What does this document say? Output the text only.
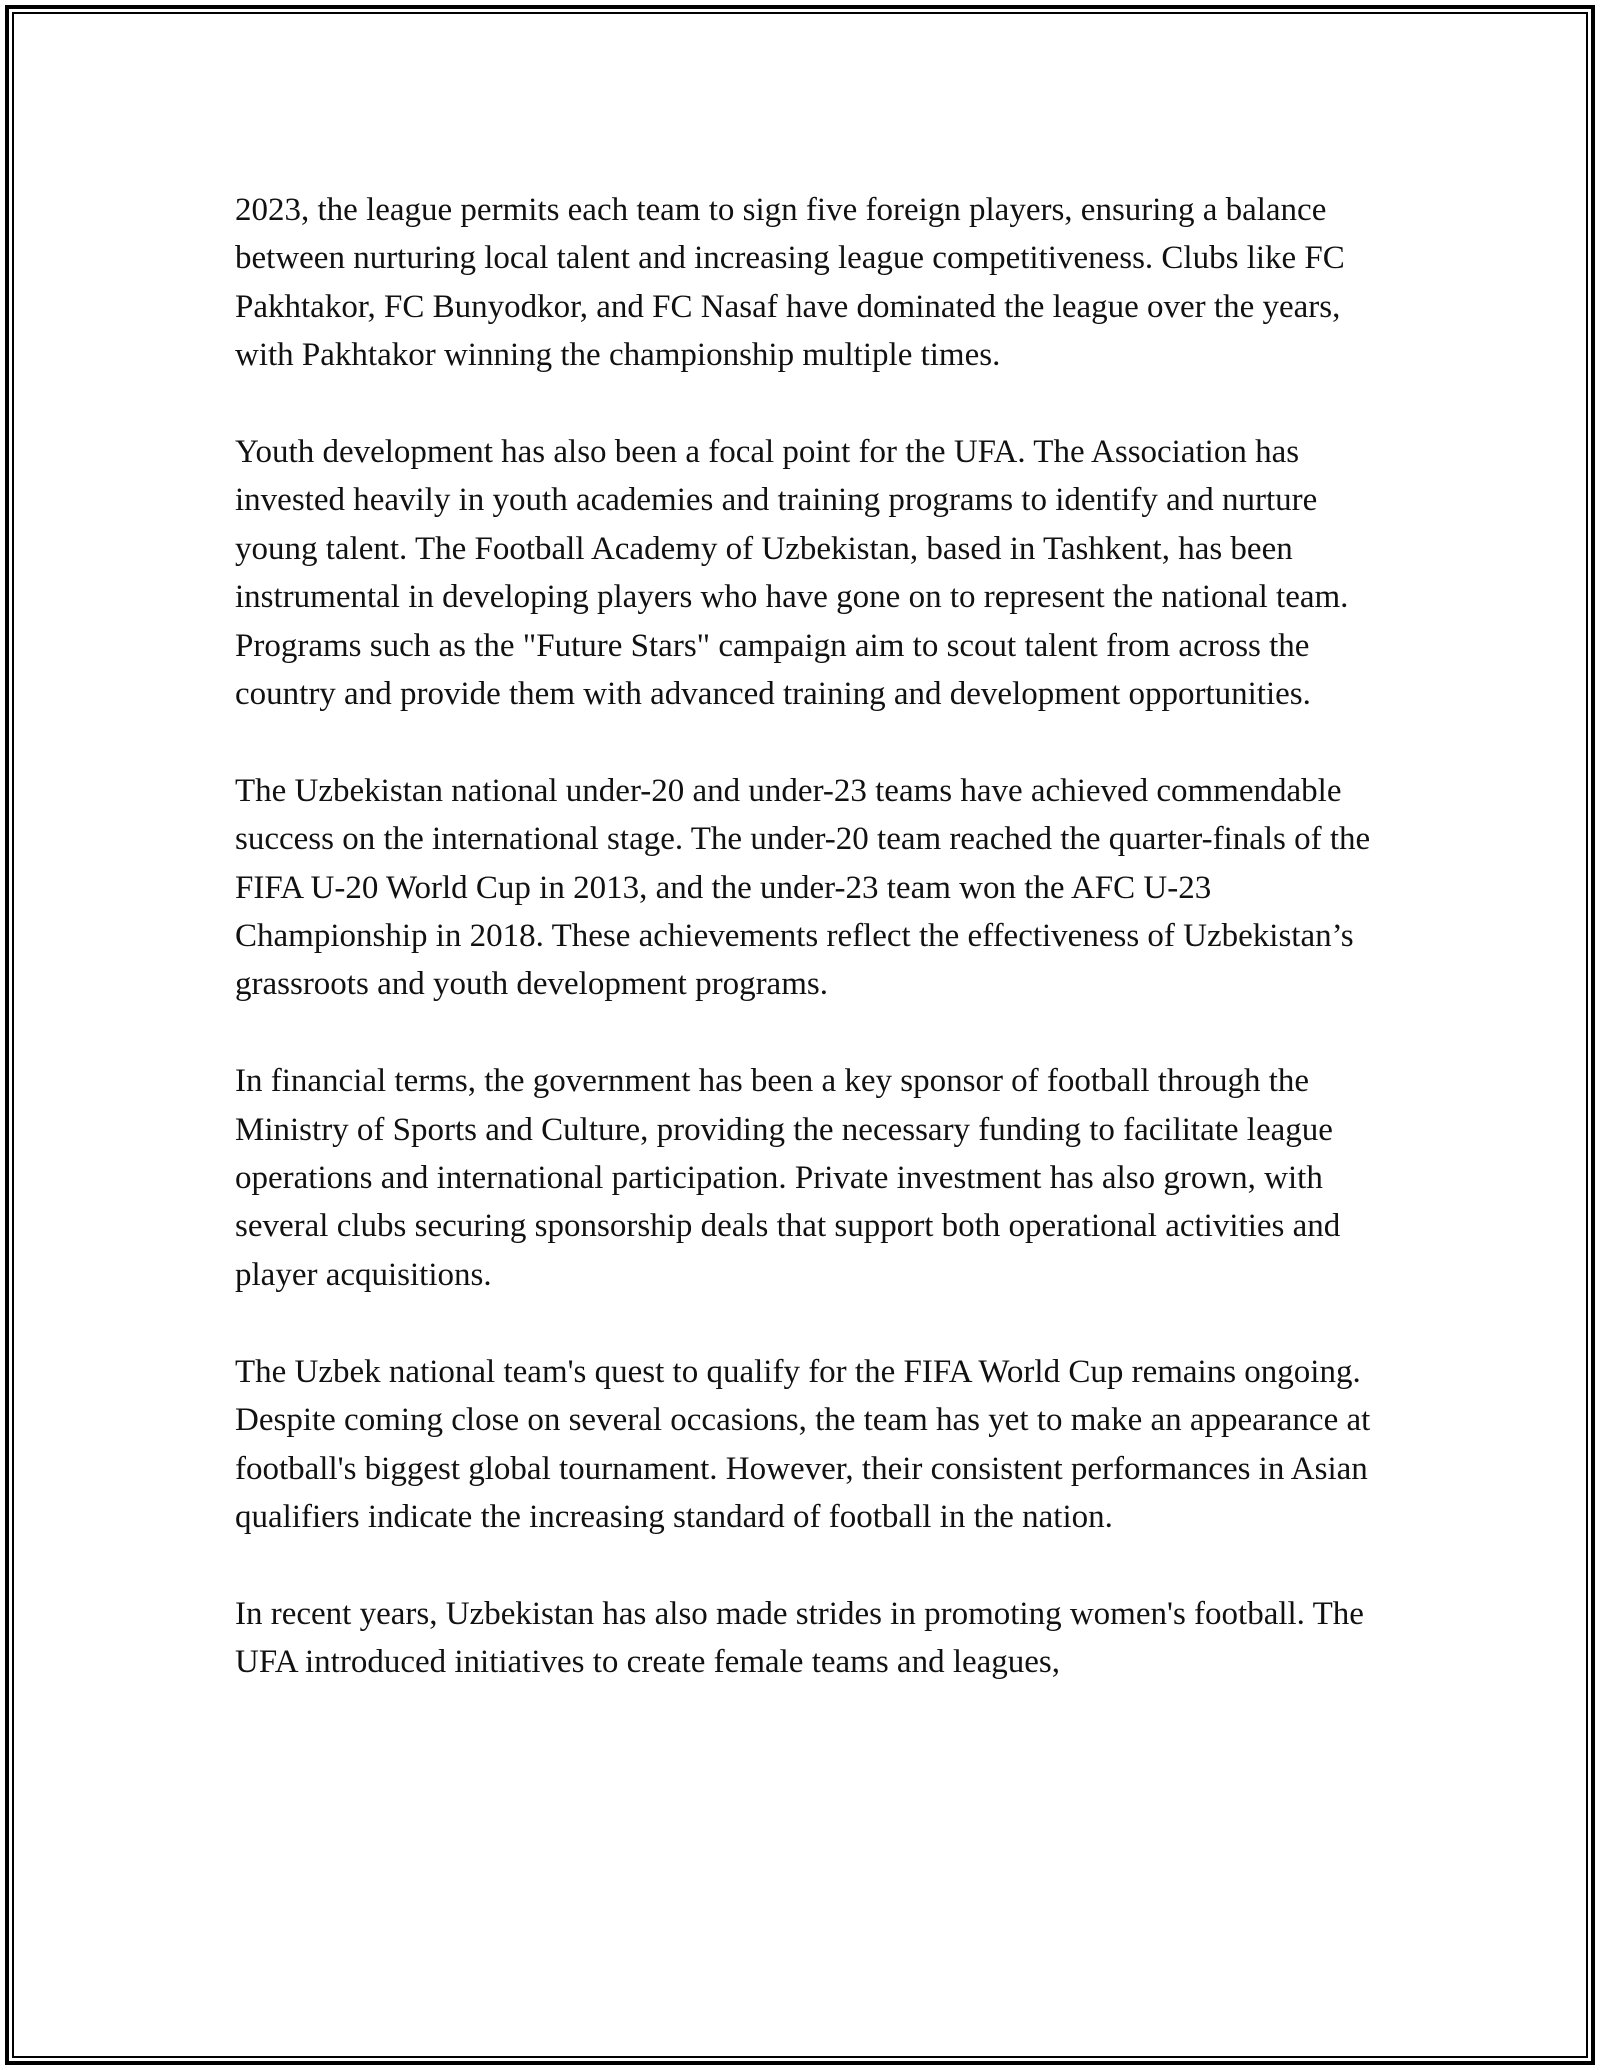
2023, the league permits each team to sign five foreign players, ensuring a balance between nurturing local talent and increasing league competitiveness. Clubs like FC Pakhtakor, FC Bunyodkor, and FC Nasaf have dominated the league over the years, with Pakhtakor winning the championship multiple times.

Youth development has also been a focal point for the UFA. The Association has invested heavily in youth academies and training programs to identify and nurture young talent. The Football Academy of Uzbekistan, based in Tashkent, has been instrumental in developing players who have gone on to represent the national team. Programs such as the "Future Stars" campaign aim to scout talent from across the country and provide them with advanced training and development opportunities.

The Uzbekistan national under-20 and under-23 teams have achieved commendable success on the international stage. The under-20 team reached the quarter-finals of the FIFA U-20 World Cup in 2013, and the under-23 team won the AFC U-23 Championship in 2018. These achievements reflect the effectiveness of Uzbekistan’s grassroots and youth development programs.

In financial terms, the government has been a key sponsor of football through the Ministry of Sports and Culture, providing the necessary funding to facilitate league operations and international participation. Private investment has also grown, with several clubs securing sponsorship deals that support both operational activities and player acquisitions.

The Uzbek national team's quest to qualify for the FIFA World Cup remains ongoing. Despite coming close on several occasions, the team has yet to make an appearance at football's biggest global tournament. However, their consistent performances in Asian qualifiers indicate the increasing standard of football in the nation.

In recent years, Uzbekistan has also made strides in promoting women's football. The UFA introduced initiatives to create female teams and leagues,
